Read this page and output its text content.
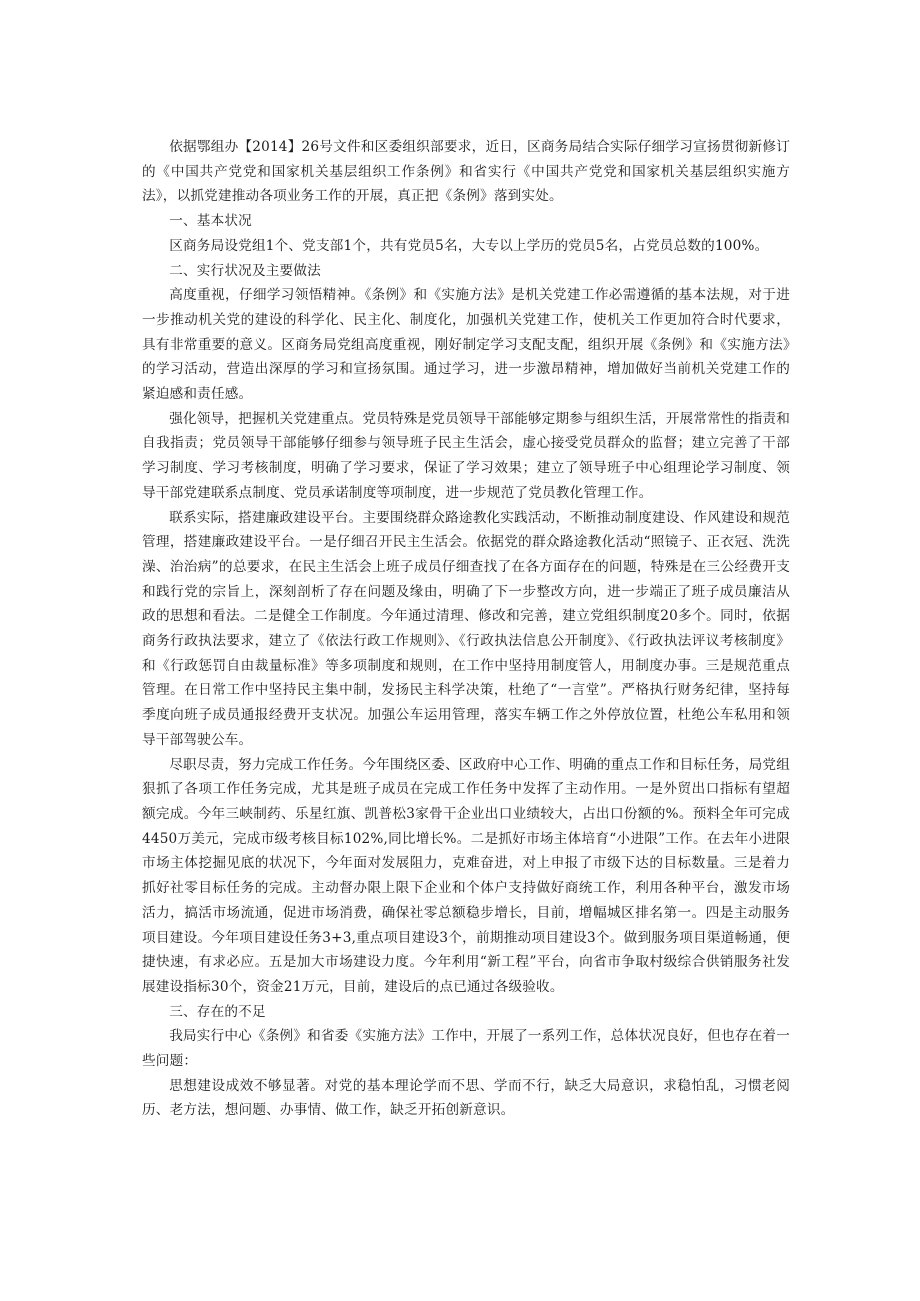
依据鄂组办【2014】26号文件和区委组织部要求，近日，区商务局结合实际仔细学习宣扬贯彻新修订的《中国共产党党和国家机关基层组织工作条例》和省实行《中国共产党党和国家机关基层组织实施方法》，以抓党建推动各项业务工作的开展，真正把《条例》落到实处。

一、基本状况

区商务局设党组1个、党支部1个，共有党员5名，大专以上学历的党员5名，占党员总数的100%。

二、实行状况及主要做法

高度重视，仔细学习领悟精神。《条例》和《实施方法》是机关党建工作必需遵循的基本法规，对于进一步推动机关党的建设的科学化、民主化、制度化，加强机关党建工作，使机关工作更加符合时代要求，具有非常重要的意义。区商务局党组高度重视，刚好制定学习支配支配，组织开展《条例》和《实施方法》的学习活动，营造出深厚的学习和宣扬氛围。通过学习，进一步激昂精神，增加做好当前机关党建工作的紧迫感和责任感。

强化领导，把握机关党建重点。党员特殊是党员领导干部能够定期参与组织生活，开展常常性的指责和自我指责；党员领导干部能够仔细参与领导班子民主生活会，虚心接受党员群众的监督；建立完善了干部学习制度、学习考核制度，明确了学习要求，保证了学习效果；建立了领导班子中心组理论学习制度、领导干部党建联系点制度、党员承诺制度等项制度，进一步规范了党员教化管理工作。

联系实际，搭建廉政建设平台。主要围绕群众路途教化实践活动，不断推动制度建设、作风建设和规范管理，搭建廉政建设平台。一是仔细召开民主生活会。依据党的群众路途教化活动“照镜子、正衣冠、洗洗澡、治治病”的总要求，在民主生活会上班子成员仔细查找了在各方面存在的问题，特殊是在三公经费开支和践行党的宗旨上，深刻剖析了存在问题及缘由，明确了下一步整改方向，进一步端正了班子成员廉洁从政的思想和看法。二是健全工作制度。今年通过清理、修改和完善，建立党组织制度20多个。同时，依据商务行政执法要求，建立了《依法行政工作规则》、《行政执法信息公开制度》、《行政执法评议考核制度》和《行政惩罚自由裁量标准》等多项制度和规则，在工作中坚持用制度管人，用制度办事。三是规范重点管理。在日常工作中坚持民主集中制，发扬民主科学决策，杜绝了“一言堂”。严格执行财务纪律，坚持每季度向班子成员通报经费开支状况。加强公车运用管理，落实车辆工作之外停放位置，杜绝公车私用和领导干部驾驶公车。

尽职尽责，努力完成工作任务。今年围绕区委、区政府中心工作、明确的重点工作和目标任务，局党组狠抓了各项工作任务完成，尤其是班子成员在完成工作任务中发挥了主动作用。一是外贸出口指标有望超额完成。今年三峡制药、乐星红旗、凯普松3家骨干企业出口业绩较大，占出口份额的%。预料全年可完成4450万美元，完成市级考核目标102%,同比增长%。二是抓好市场主体培育“小进限”工作。在去年小进限市场主体挖掘见底的状况下，今年面对发展阻力，克难奋进，对上申报了市级下达的目标数量。三是着力抓好社零目标任务的完成。主动督办限上限下企业和个体户支持做好商统工作，利用各种平台，激发市场活力，搞活市场流通，促进市场消费，确保社零总额稳步增长，目前，增幅城区排名第一。四是主动服务项目建设。今年项目建设任务3+3,重点项目建设3个，前期推动项目建设3个。做到服务项目渠道畅通，便捷快速，有求必应。五是加大市场建设力度。今年利用“新工程”平台，向省市争取村级综合供销服务社发展建设指标30个，资金21万元，目前，建设后的点已通过各级验收。

三、存在的不足

我局实行中心《条例》和省委《实施方法》工作中，开展了一系列工作，总体状况良好，但也存在着一些问题：

思想建设成效不够显著。对党的基本理论学而不思、学而不行，缺乏大局意识，求稳怕乱，习惯老阅历、老方法，想问题、办事情、做工作，缺乏开拓创新意识。
